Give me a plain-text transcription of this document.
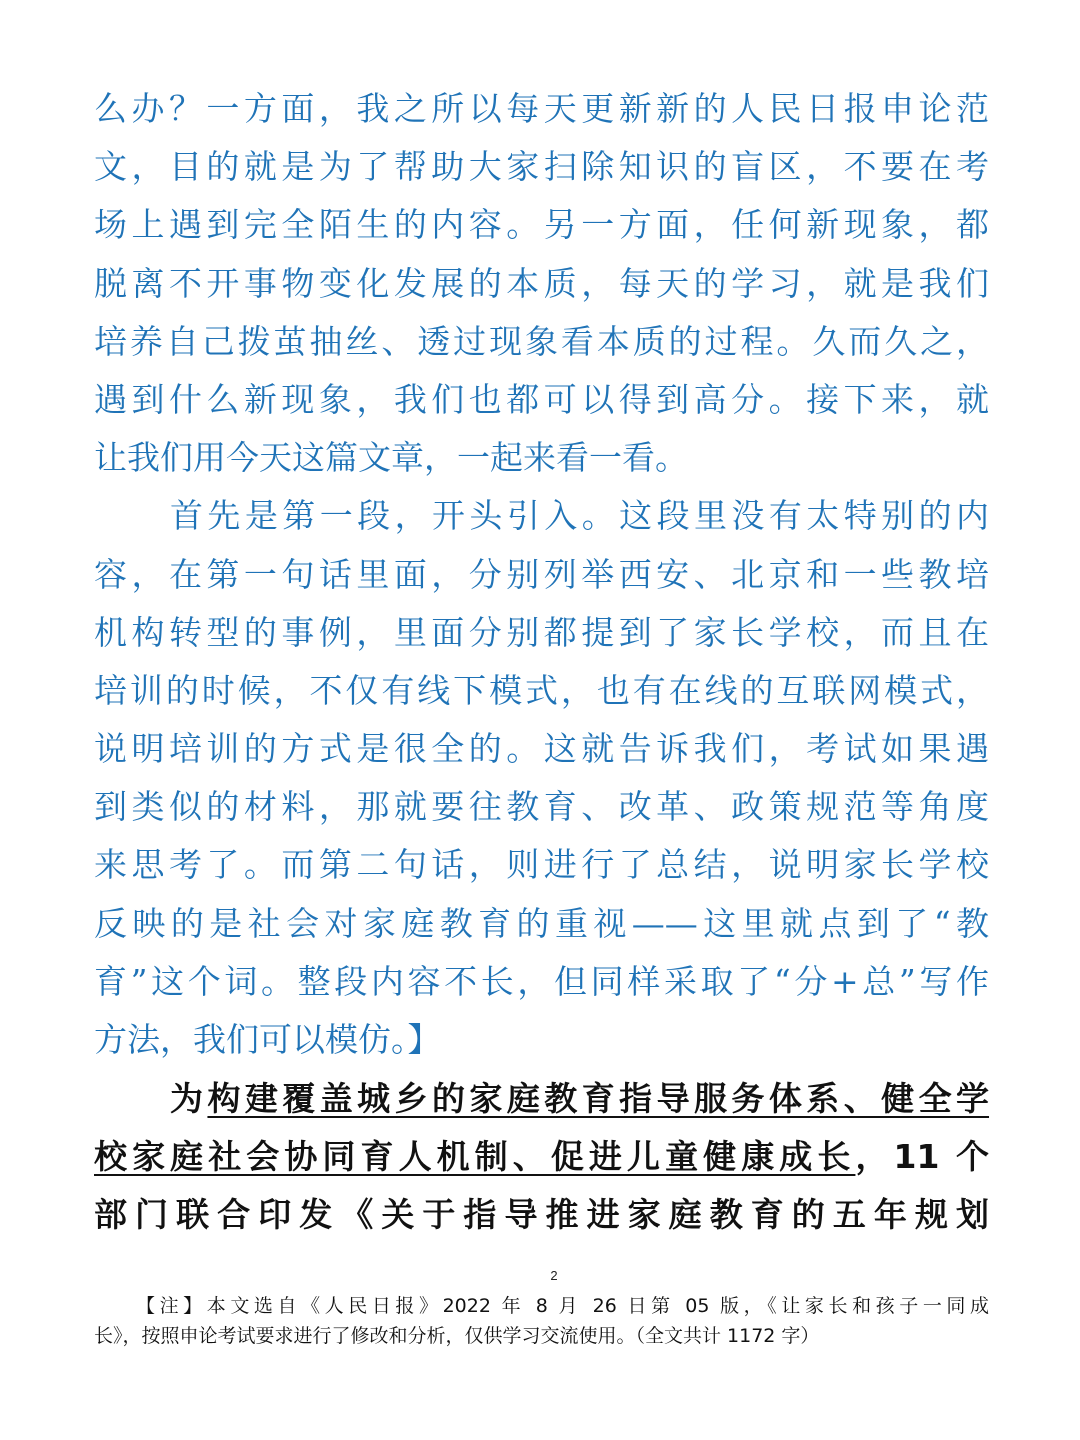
么办？一方面，我之所以每天更新新的人民日报申论范
文，目的就是为了帮助大家扫除知识的盲区，不要在考
场上遇到完全陌生的内容。另一方面，任何新现象，都
脱离不开事物变化发展的本质，每天的学习，就是我们
培养自己拨茧抽丝、透过现象看本质的过程。久而久之，
遇到什么新现象，我们也都可以得到高分。接下来，就
让我们用今天这篇文章，一起来看一看。
首先是第一段，开头引入。这段里没有太特别的内
容，在第一句话里面，分别列举西安、北京和一些教培
机构转型的事例，里面分别都提到了家长学校，而且在
培训的时候，不仅有线下模式，也有在线的互联网模式，
说明培训的方式是很全的。这就告诉我们，考试如果遇
到类似的材料，那就要往教育、改革、政策规范等角度
来思考了。而第二句话，则进行了总结，说明家长学校
反映的是社会对家庭教育的重视——这里就点到了“教
育”这个词。整段内容不长，但同样采取了“分+总”写作
方法，我们可以模仿。】
为构建覆盖城乡的家庭教育指导服务体系、健全学
校家庭社会协同育人机制、促进儿童健康成长，11 个
部门联合印发《关于指导推进家庭教育的五年规划
2
【注】本文选自《人民日报》2022 年 8 月 26 日第 05 版，《让家长和孩子一同成
长》，按照申论考试要求进行了修改和分析，仅供学习交流使用。（全文共计 1172 字）
